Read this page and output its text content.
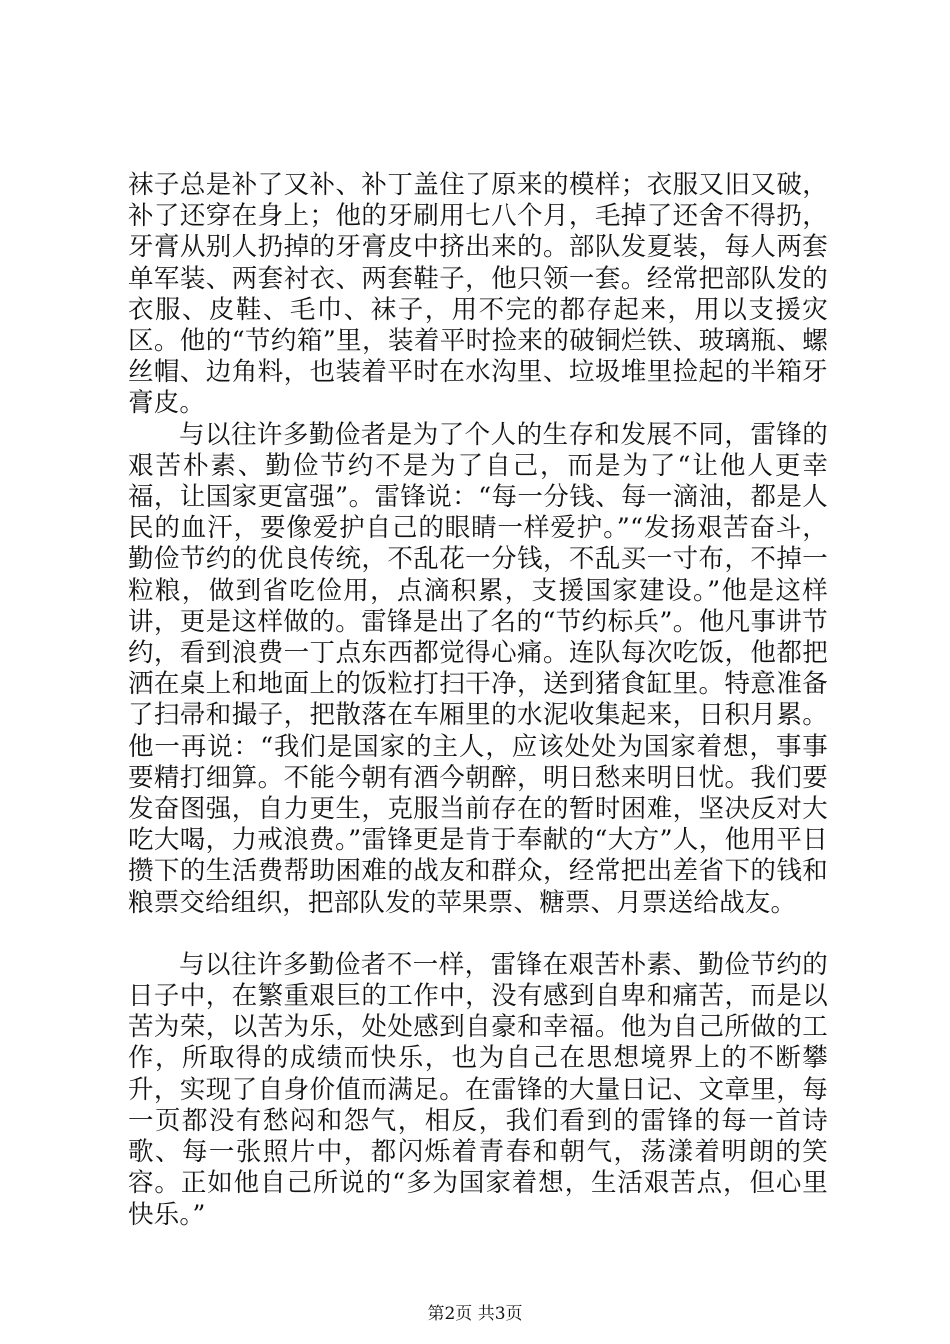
袜子总是补了又补、补丁盖住了原来的模样；衣服又旧又破，补了还穿在身上；他的牙刷用七八个月，毛掉了还舍不得扔，牙膏从别人扔掉的牙膏皮中挤出来的。部队发夏装，每人两套单军装、两套衬衣、两套鞋子，他只领一套。经常把部队发的衣服、皮鞋、毛巾、袜子，用不完的都存起来，用以支援灾区。他的“节约箱”里，装着平时捡来的破铜烂铁、玻璃瓶、螺丝帽、边角料，也装着平时在水沟里、垃圾堆里捡起的半箱牙膏皮。

与以往许多勤俭者是为了个人的生存和发展不同，雷锋的艰苦朴素、勤俭节约不是为了自己，而是为了“让他人更幸福，让国家更富强”。雷锋说：“每一分钱、每一滴油，都是人民的血汗，要像爱护自己的眼睛一样爱护。”“发扬艰苦奋斗，勤俭节约的优良传统，不乱花一分钱，不乱买一寸布，不掉一粒粮，做到省吃俭用，点滴积累，支援国家建设。”他是这样讲，更是这样做的。雷锋是出了名的“节约标兵”。他凡事讲节约，看到浪费一丁点东西都觉得心痛。连队每次吃饭，他都把洒在桌上和地面上的饭粒打扫干净，送到猪食缸里。特意准备了扫帚和撮子，把散落在车厢里的水泥收集起来，日积月累。他一再说：“我们是国家的主人，应该处处为国家着想，事事要精打细算。不能今朝有酒今朝醉，明日愁来明日忧。我们要发奋图强，自力更生，克服当前存在的暂时困难，坚决反对大吃大喝，力戒浪费。”雷锋更是肯于奉献的“大方”人，他用平日攒下的生活费帮助困难的战友和群众，经常把出差省下的钱和粮票交给组织，把部队发的苹果票、糖票、月票送给战友。

与以往许多勤俭者不一样，雷锋在艰苦朴素、勤俭节约的日子中，在繁重艰巨的工作中，没有感到自卑和痛苦，而是以苦为荣，以苦为乐，处处感到自豪和幸福。他为自己所做的工作，所取得的成绩而快乐，也为自己在思想境界上的不断攀升，实现了自身价值而满足。在雷锋的大量日记、文章里，每一页都没有愁闷和怨气，相反，我们看到的雷锋的每一首诗歌、每一张照片中，都闪烁着青春和朝气，荡漾着明朗的笑容。正如他自己所说的“多为国家着想，生活艰苦点，但心里快乐。”

第2页 共3页
